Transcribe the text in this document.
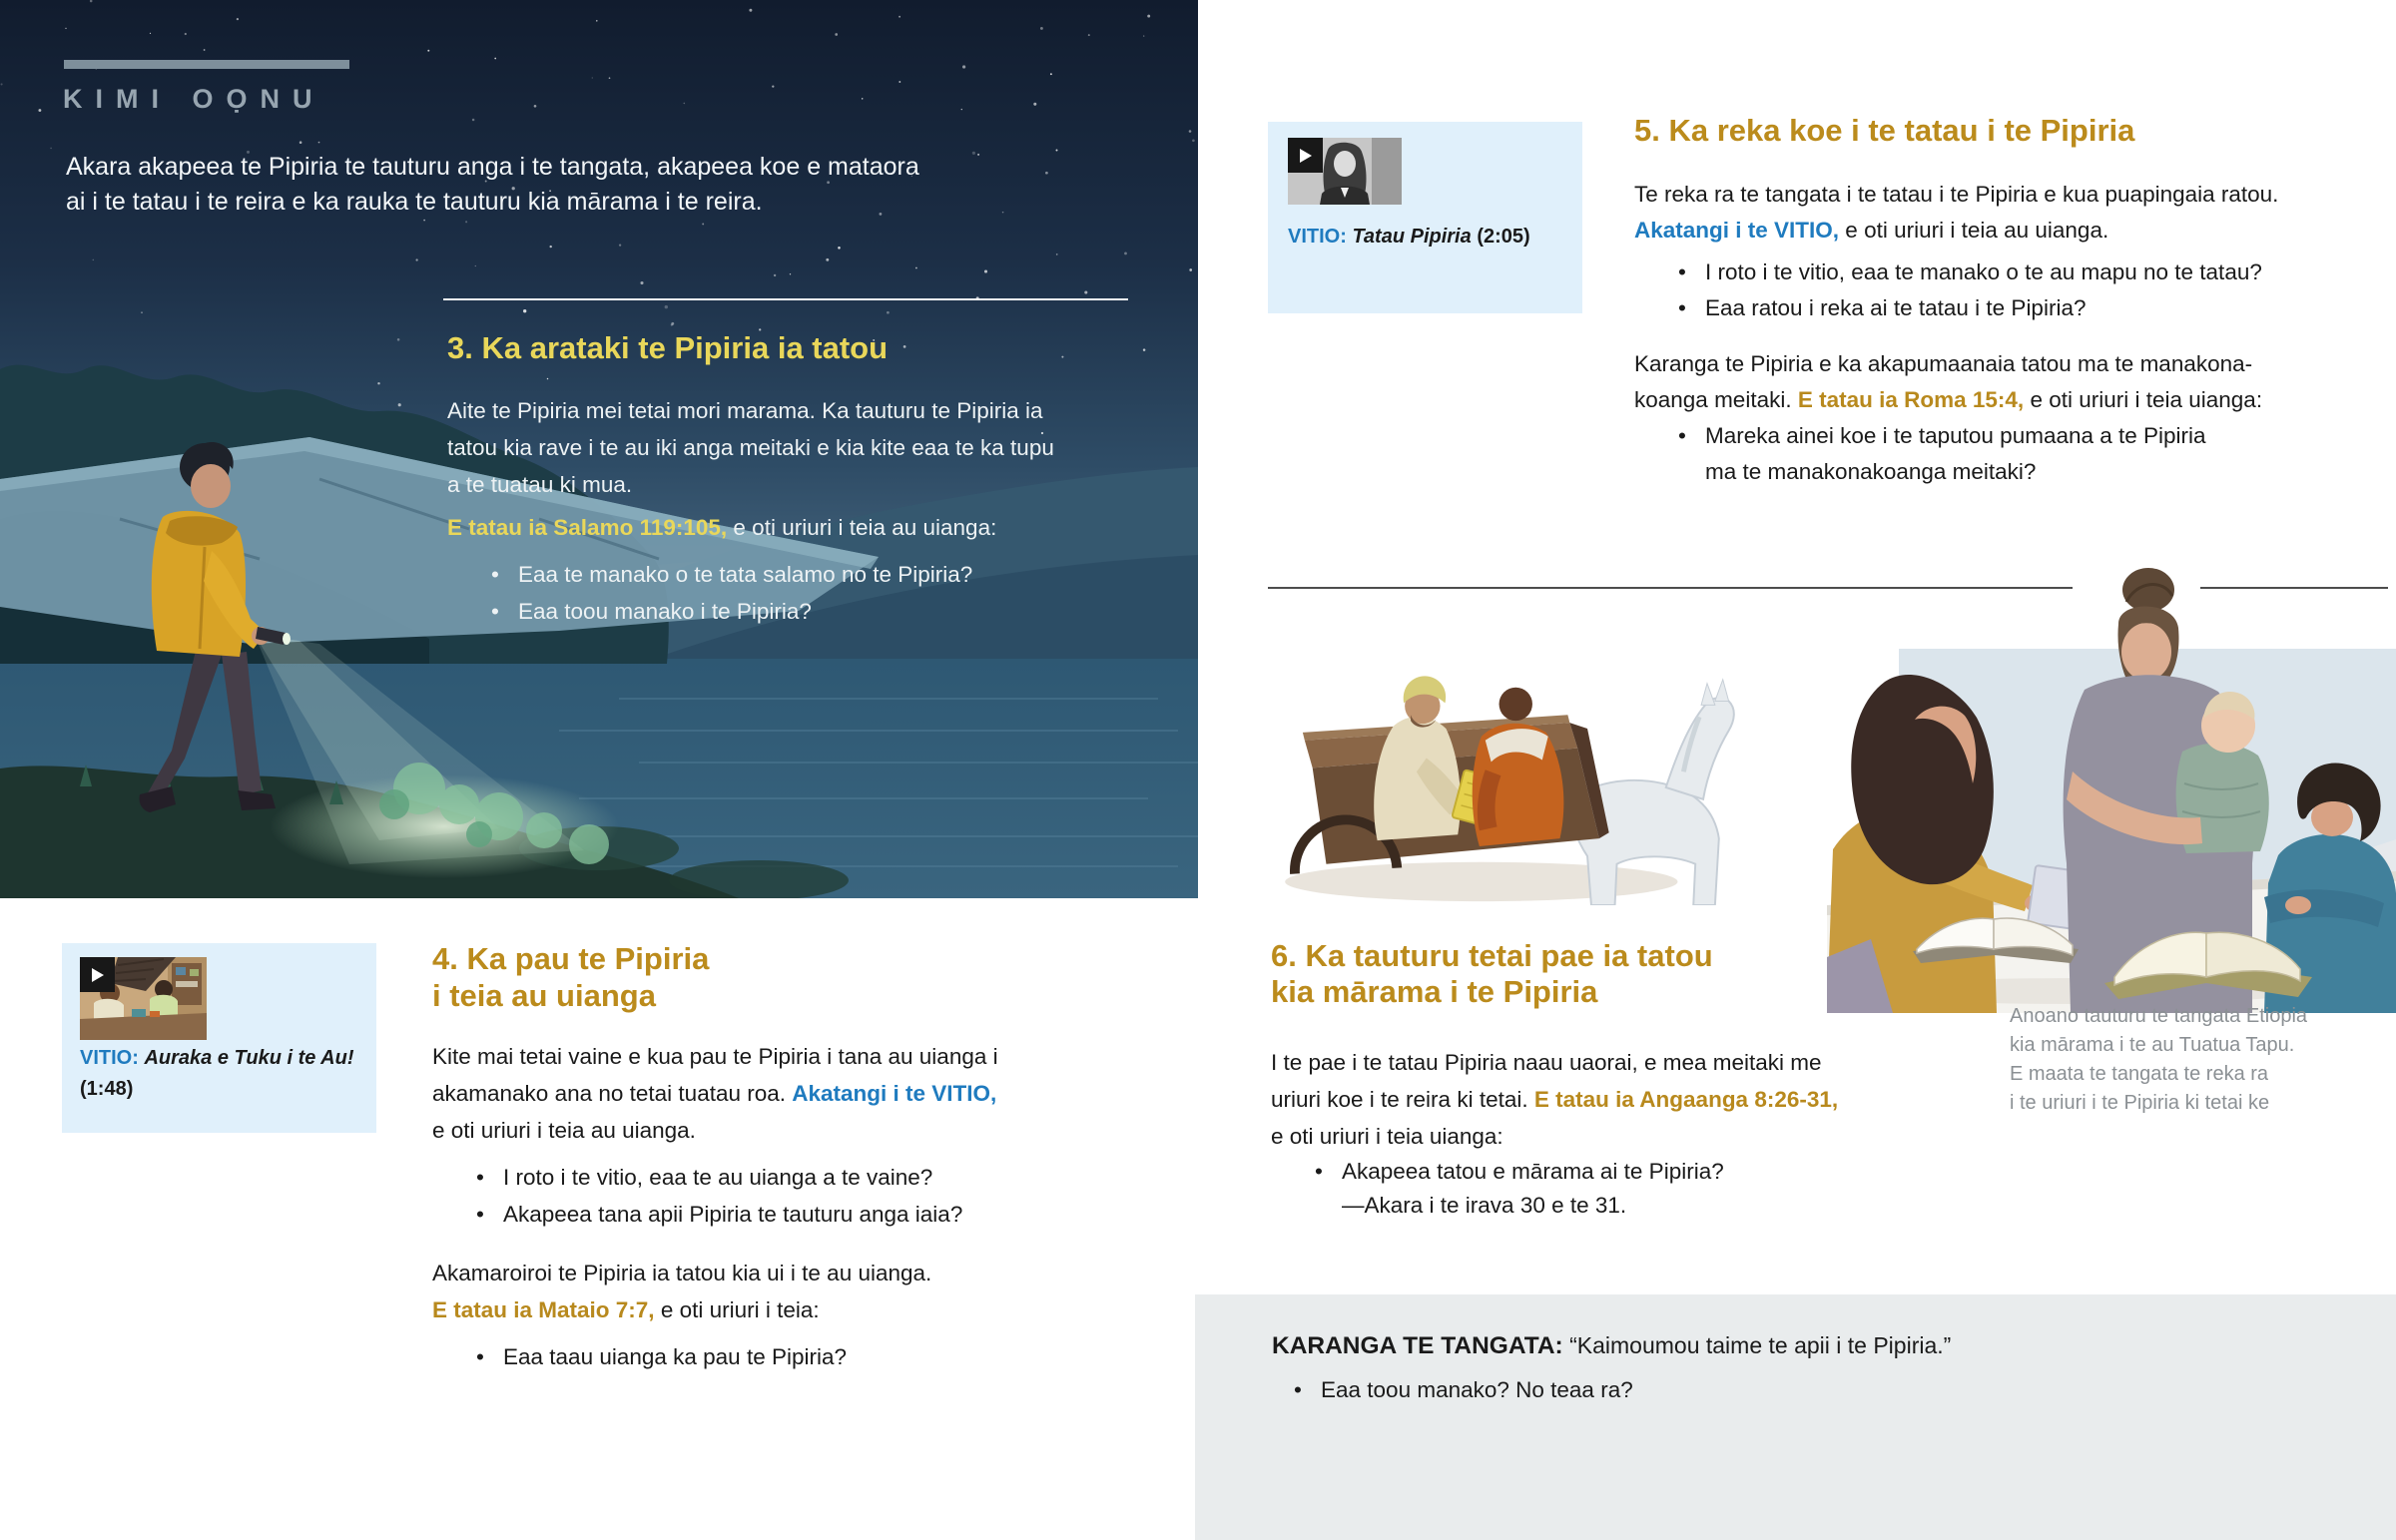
KIMI OỌNU

Akara akapeea te Pipiria te tauturu anga i te tangata, akapeea koe e mataora
ai i te tatau i te reira e ka rauka te tauturu kia mārama i te reira.

3. Ka arataki te Pipiria ia tatou

Aite te Pipiria mei tetai mori marama. Ka tauturu te Pipiria ia
tatou kia rave i te au iki anga meitaki e kia kite eaa te ka tupu
a te tuatau ki mua.

E tatau ia Salamo 119:105, e oti uriuri i teia au uianga:

• Eaa te manako o te tata salamo no te Pipiria?
• Eaa toou manako i te Pipiria?

VITIO: Auraka e Tuku i te Au!
(1:48)

4. Ka pau te Pipiria
i teia au uianga

Kite mai tetai vaine e kua pau te Pipiria i tana au uianga i
akamanako ana no tetai tuatau roa. Akatangi i te VITIO,
e oti uriuri i teia au uianga.

• I roto i te vitio, eaa te au uianga a te vaine?
• Akapeea tana apii Pipiria te tauturu anga iaia?

Akamaroiroi te Pipiria ia tatou kia ui i te au uianga.
E tatau ia Mataio 7:7, e oti uriuri i teia:

• Eaa taau uianga ka pau te Pipiria?

VITIO: Tatau Pipiria (2:05)

5. Ka reka koe i te tatau i te Pipiria

Te reka ra te tangata i te tatau i te Pipiria e kua puapingaia ratou.
Akatangi i te VITIO, e oti uriuri i teia au uianga.

• I roto i te vitio, eaa te manako o te au mapu no te tatau?
• Eaa ratou i reka ai te tatau i te Pipiria?

Karanga te Pipiria e ka akapumaanaia tatou ma te manakona-
koanga meitaki. E tatau ia Roma 15:4, e oti uriuri i teia uianga:

• Mareka ainei koe i te taputou pumaana a te Pipiria
ma te manakonakoanga meitaki?
6. Ka tauturu tetai pae ia tatou
kia mārama i te Pipiria

I te pae i te tatau Pipiria naau uaorai, e mea meitaki me
uriuri koe i te reira ki tetai. E tatau ia Angaanga 8:26-31,
e oti uriuri i teia uianga:

• Akapeea tatou e mārama ai te Pipiria?
—Akara i te irava 30 e te 31.

Anoano tauturu te tangata Etiopia
kia mārama i te au Tuatua Tapu.
E maata te tangata te reka ra
i te uriuri i te Pipiria ki tetai ke

KARANGA TE TANGATA: “Kaimoumou taime te apii i te Pipiria.”

• Eaa toou manako? No teaa ra?
